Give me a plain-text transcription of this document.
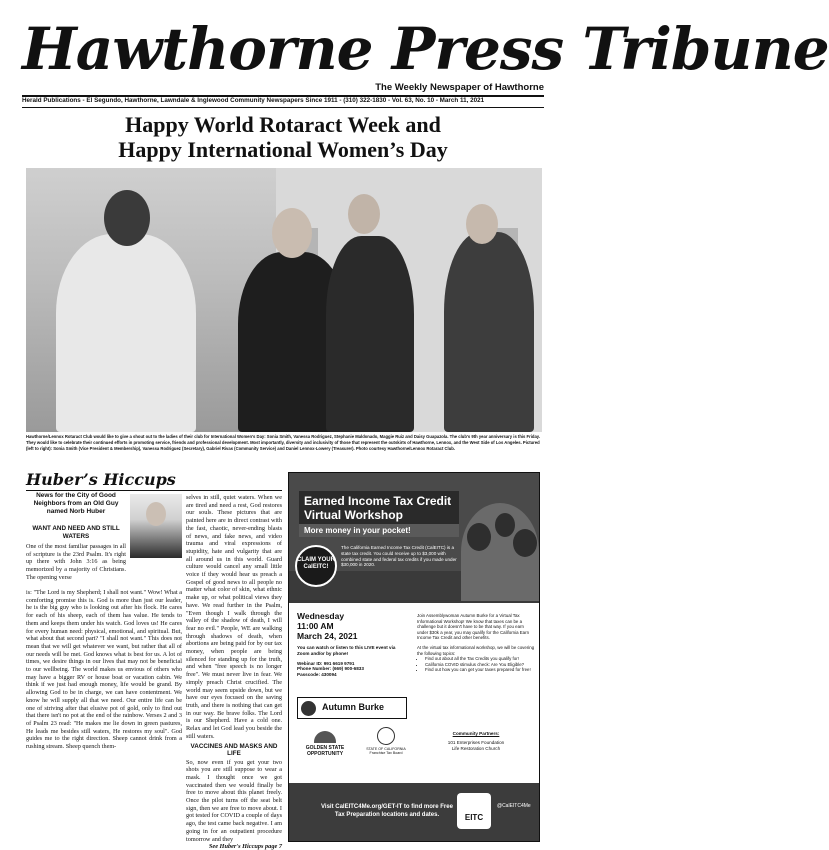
Hawthorne Press Tribune
The Weekly Newspaper of Hawthorne
Herald Publications - El Segundo, Hawthorne, Lawndale & Inglewood Community Newspapers Since 1911 - (310) 322-1830 - Vol. 63, No. 10 - March 11, 2021
Happy World Rotaract Week and
Happy International Women’s Day
Hawthorne/Lennox Rotaract Club would like to give a shout out to the ladies of their club for International Women's Day: Sonia Smith, Vanessa Rodriguez, Stephanie Maldonado, Maggie Ruiz and Daisy Guapazola. The club's 9th year anniversary is this Friday. They would like to celebrate their continued efforts in promoting service, friends and professional development. Most importantly, diversity and inclusivity of those that represent the outskirts of Hawthorne, Lennox, and the West Side of Los Angeles. Pictured (left to right): Sonia Smith (Vice President & Membership), Vanessa Rodriguez (Secretary), Gabriel Rivas (Community Service) and Daniel Lennox-Lowery (Treasurer). Photo courtesy Hawthorne/Lennox Rotaract Club.
Huber’s Hiccups
News for the City of Good Neighbors from an Old Guy named Norb Huber
WANT AND NEED AND STILL WATERS
One of the most familiar passages in all of scripture is the 23rd Psalm. It's right up there with John 3:16 as being memorized by a majority of Christians. The opening verse
is: "The Lord is my Shepherd; I shall not want." Wow! What a comforting promise this is. God is more than just our leader, he is the big guy who is looking out after his flock. He cares for each of his sheep, each of them has value. He tends to them and keeps them under his watch. God loves us! He cares for every human need: physical, emotional, and spiritual. But, what about that second part? "I shall not want." This does not mean that we will get whatever we want, but rather that all of our needs will be met. God knows what is best for us. A lot of times, we desire things in our lives that may not be beneficial to our wellbeing. The world makes us envious of others who may have a bigger RV or house boat or vacation cabin. We think if we just had enough money, life would be grand. By allowing God to be in charge, we can have contentment. We know he will supply all that we need. Our entire life can be one of striving after that elusive pot of gold, only to find out that there isn't no pot at the end of the rainbow. Verses 2 and 3 of Psalm 23 read: "He makes me lie down in green pastures, He leads me besides still waters, He restores my soul". God guides me to the right direction. Sheep cannot drink from a rushing stream. Sheep quench them-
selves in still, quiet waters. When we are tired and need a rest, God restores our souls. These pictures that are painted here are in direct contrast with the fast, chaotic, never-ending blasts of news, and fake news, and video trauma and viral expressions of stupidity, hate and vulgarity that are all around us in this world. Guard culture would cancel any small little voice if they would hear us preach a Gospel of good news to all people no matter what color of skin, what ethnic make up, or what political views they have. We read further in the Psalm, "Even though I walk through the valley of the shadow of death, I will fear no evil." People, WE are walking through shadows of death, when abortions are being paid for by our tax money, when people are being silenced for standing up for the truth, and when "free speech is no longer free". We must never live in fear. We simply preach Christ crucified. The world may seem upside down, but we have our eyes focused on the saving truth, and there is nothing that can get in our way. Be brave folks. The Lord is our Shepherd. Have a cold one. Relax and let God lead you beside the still waters.
VACCINES AND MASKS AND LIFE
So, now even if you get your two shots you are still suppose to wear a mask. I thought once we got vaccinated then we would finally be free to move about this planet freely. Once the pilot turns off the seat belt sign, then we are free to move about. I got tested for COVID a couple of days ago, the test came back negative. I am going in for an outpatient procedure tomorrow and they
See Huber's Hiccups page 7
Earned Income Tax Credit Virtual Workshop
More money in your pocket!
CLAIM YOUR CalEITC!
The California Earned Income Tax Credit (CalEITC) is a state tax credit. You could receive up to $3,000 with combined state and federal tax credits if you made under $30,000 in 2020.
Wednesday
11:00 AM
March 24, 2021
You can watch or listen to this LIVE event via Zoom and/or by phone!
Webinar ID: 991 6619 9791
Phone Number: (669) 900-6833
Passcode: 430094
Join Assemblywoman Autumn Burke for a Virtual Tax Informational Workshop! We know that taxes can be a challenge but it doesn't have to be that way. If you earn under $30k a year, you may qualify for the California Earn Income Tax Credit and other benefits.
At the virtual tax informational workshop, we will be covering the following topics:
• Find out about all the Tax Credits you qualify for!
• California COVID stimulus check: Are You Eligible?
• Find out how you can get your taxes prepared for free!
Autumn Burke
GOLDEN STATE OPPORTUNITY
STATE OF CALIFORNIA Franchise Tax Board
Community Partners:
101 Enterprises Foundation
Life Restoration Church
Visit CalEITC4Me.org/GET-IT to find more Free Tax Preparation locations and dates.	EITC
@CalEITC4Me
